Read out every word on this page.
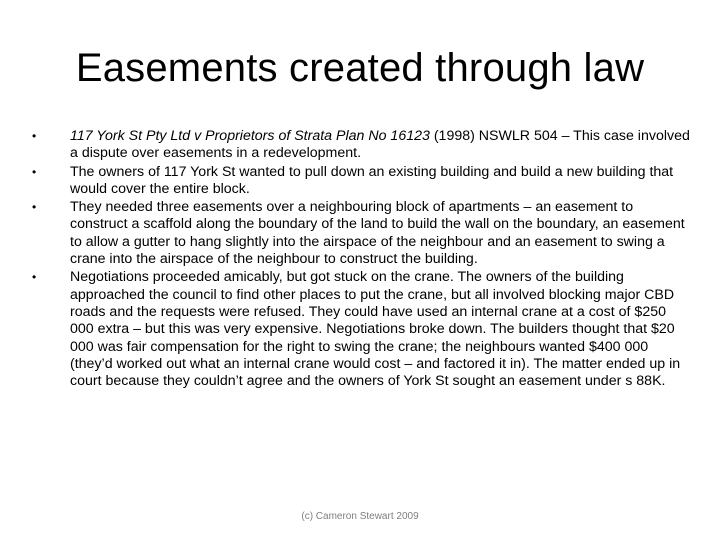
Easements created through law
• 117 York St Pty Ltd v Proprietors of Strata Plan No 16123 (1998) NSWLR 504 – This case involved a dispute over easements in a redevelopment.
• The owners of 117 York St wanted to pull down an existing building and build a new building that would cover the entire block.
• They needed three easements over a neighbouring block of apartments – an easement to construct a scaffold along the boundary of the land to build the wall on the boundary, an easement to allow a gutter to hang slightly into the airspace of the neighbour and an easement to swing a crane into the airspace of the neighbour to construct the building.
• Negotiations proceeded amicably, but got stuck on the crane. The owners of the building approached the council to find other places to put the crane, but all involved blocking major CBD roads and the requests were refused. They could have used an internal crane at a cost of $250 000 extra – but this was very expensive. Negotiations broke down. The builders thought that $20 000 was fair compensation for the right to swing the crane; the neighbours wanted $400 000 (they’d worked out what an internal crane would cost – and factored it in). The matter ended up in court because they couldn’t agree and the owners of York St sought an easement under s 88K.
(c) Cameron Stewart 2009
